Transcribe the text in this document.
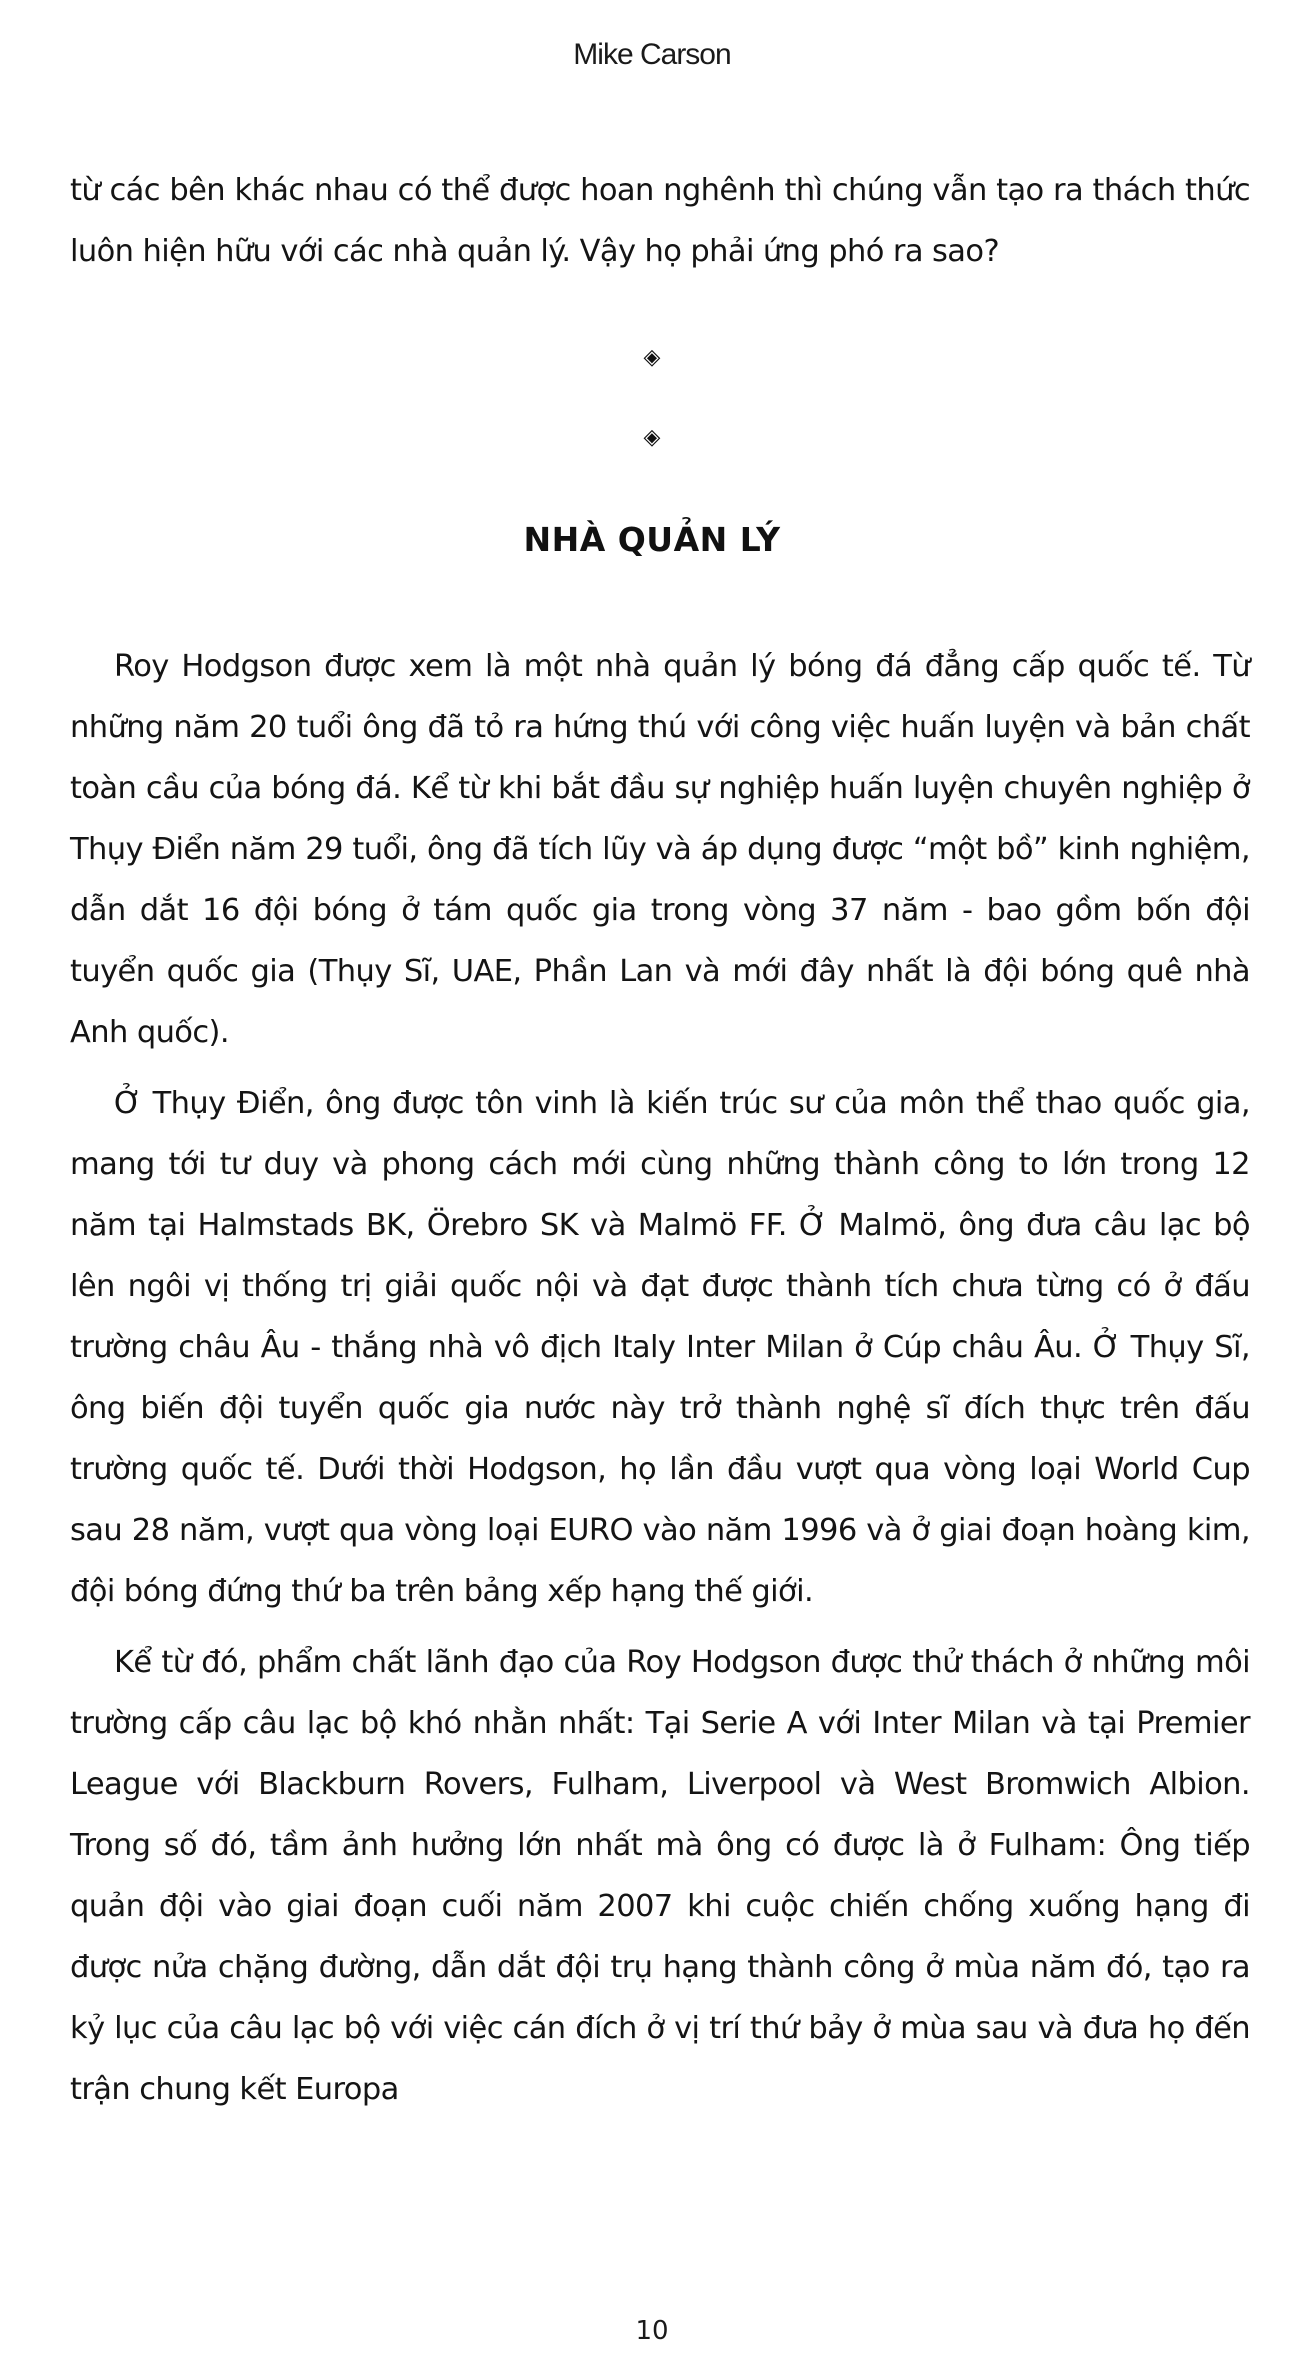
Mike Carson

từ các bên khác nhau có thể được hoan nghênh thì chúng vẫn tạo ra thách thức luôn hiện hữu với các nhà quản lý. Vậy họ phải ứng phó ra sao?

◈
◈
NHÀ QUẢN LÝ

Roy Hodgson được xem là một nhà quản lý bóng đá đẳng cấp quốc tế. Từ những năm 20 tuổi ông đã tỏ ra hứng thú với công việc huấn luyện và bản chất toàn cầu của bóng đá. Kể từ khi bắt đầu sự nghiệp huấn luyện chuyên nghiệp ở Thụy Điển năm 29 tuổi, ông đã tích lũy và áp dụng được “một bồ” kinh nghiệm, dẫn dắt 16 đội bóng ở tám quốc gia trong vòng 37 năm - bao gồm bốn đội tuyển quốc gia (Thụy Sĩ, UAE, Phần Lan và mới đây nhất là đội bóng quê nhà Anh quốc).

Ở Thụy Điển, ông được tôn vinh là kiến trúc sư của môn thể thao quốc gia, mang tới tư duy và phong cách mới cùng những thành công to lớn trong 12 năm tại Halmstads BK, Örebro SK và Malmö FF. Ở Malmö, ông đưa câu lạc bộ lên ngôi vị thống trị giải quốc nội và đạt được thành tích chưa từng có ở đấu trường châu Âu - thắng nhà vô địch Italy Inter Milan ở Cúp châu Âu. Ở Thụy Sĩ, ông biến đội tuyển quốc gia nước này trở thành nghệ sĩ đích thực trên đấu trường quốc tế. Dưới thời Hodgson, họ lần đầu vượt qua vòng loại World Cup sau 28 năm, vượt qua vòng loại EURO vào năm 1996 và ở giai đoạn hoàng kim, đội bóng đứng thứ ba trên bảng xếp hạng thế giới.

Kể từ đó, phẩm chất lãnh đạo của Roy Hodgson được thử thách ở những môi trường cấp câu lạc bộ khó nhằn nhất: Tại Serie A với Inter Milan và tại Premier League với Blackburn Rovers, Fulham, Liverpool và West Bromwich Albion. Trong số đó, tầm ảnh hưởng lớn nhất mà ông có được là ở Fulham: Ông tiếp quản đội vào giai đoạn cuối năm 2007 khi cuộc chiến chống xuống hạng đi được nửa chặng đường, dẫn dắt đội trụ hạng thành công ở mùa năm đó, tạo ra kỷ lục của câu lạc bộ với việc cán đích ở vị trí thứ bảy ở mùa sau và đưa họ đến trận chung kết Europa

10
